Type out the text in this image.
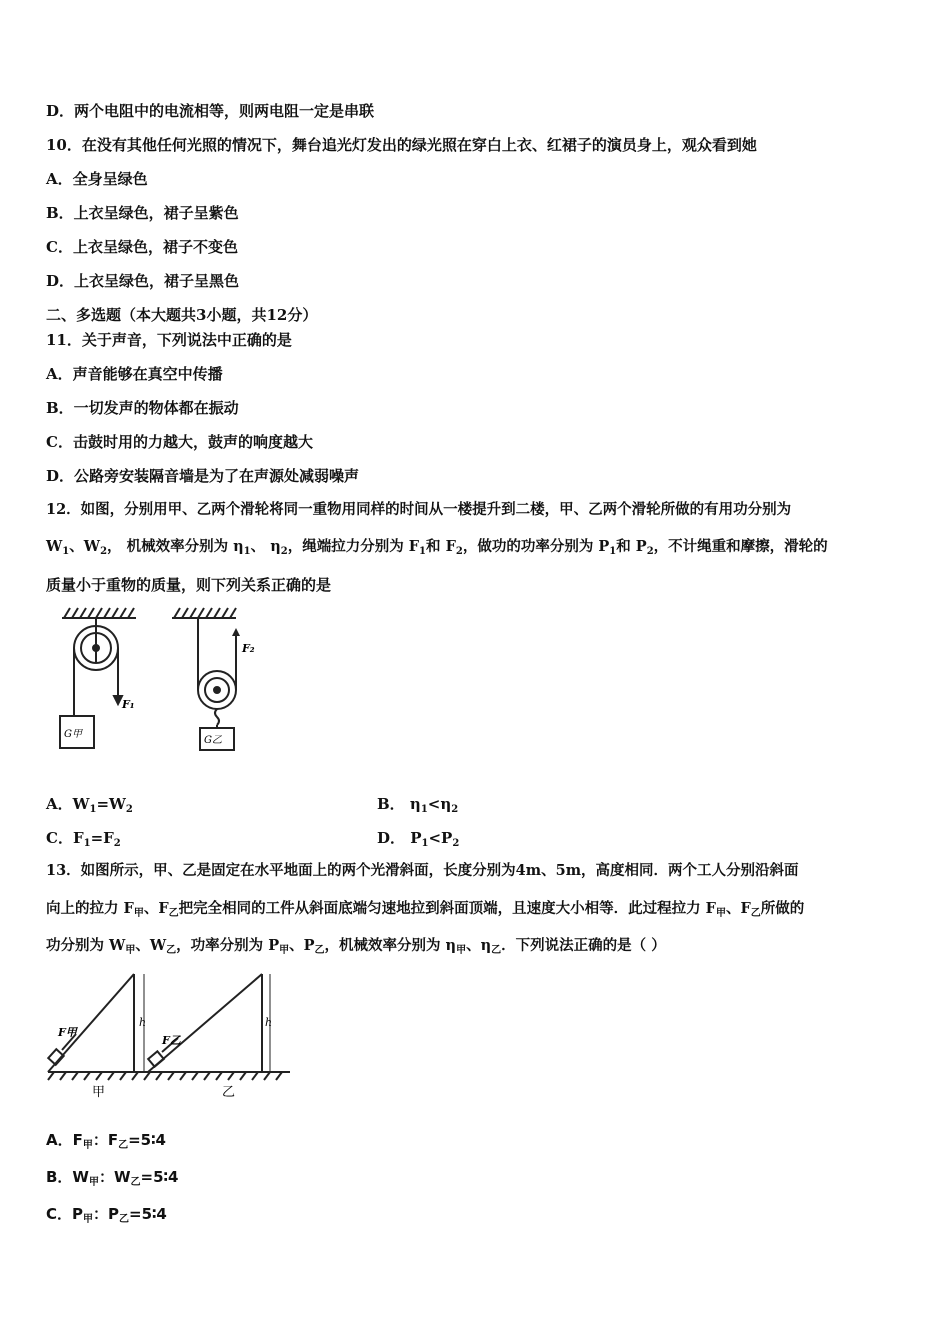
D．两个电阻中的电流相等，则两电阻一定是串联
10．在没有其他任何光照的情况下，舞台追光灯发出的绿光照在穿白上衣、红裙子的演员身上，观众看到她
A．全身呈绿色
B．上衣呈绿色，裙子呈紫色
C．上衣呈绿色，裙子不变色
D．上衣呈绿色，裙子呈黑色
二、多选题（本大题共3小题，共12分）
11．关于声音，下列说法中正确的是
A．声音能够在真空中传播
B．一切发声的物体都在振动
C．击鼓时用的力越大，鼓声的响度越大
D．公路旁安装隔音墙是为了在声源处减弱噪声
12．如图，分别用甲、乙两个滑轮将同一重物用同样的时间从一楼提升到二楼，甲、乙两个滑轮所做的有用功分别为
$W_1$、$W_2$， 机械效率分别为 $\eta_1$、 $\eta_2$，绳端拉力分别为 $F_1$和 $F_2$，做功的功率分别为 $P_1$和 $P_2$，不计绳重和摩擦，滑轮的
质量小于重物的质量，则下列关系正确的是
F₁
G甲
F₂
G乙
A．$W_1=W_2$	B． $\eta_1<\eta_2$
C．$F_1=F_2$	D． $P_1<P_2$
13．如图所示，甲、乙是固定在水平地面上的两个光滑斜面，长度分别为4m、5m，高度相同．两个工人分别沿斜面
向上的拉力 $F_甲$、$F_乙$把完全相同的工件从斜面底端匀速地拉到斜面顶端，且速度大小相等．此过程拉力 $F_甲$、$F_乙$所做的
功分别为 $W_甲$、$W_乙$，功率分别为 $P_甲$、$P_乙$，机械效率分别为 $\eta_甲$、$\eta_乙$．下列说法正确的是（ ）
F甲
h
F乙
h
甲	乙
A．$F_甲$：$F_乙=5∶4$
B．$W_甲$：$W_乙=5∶4$
C．$P_甲$：$P_乙=5∶4$
